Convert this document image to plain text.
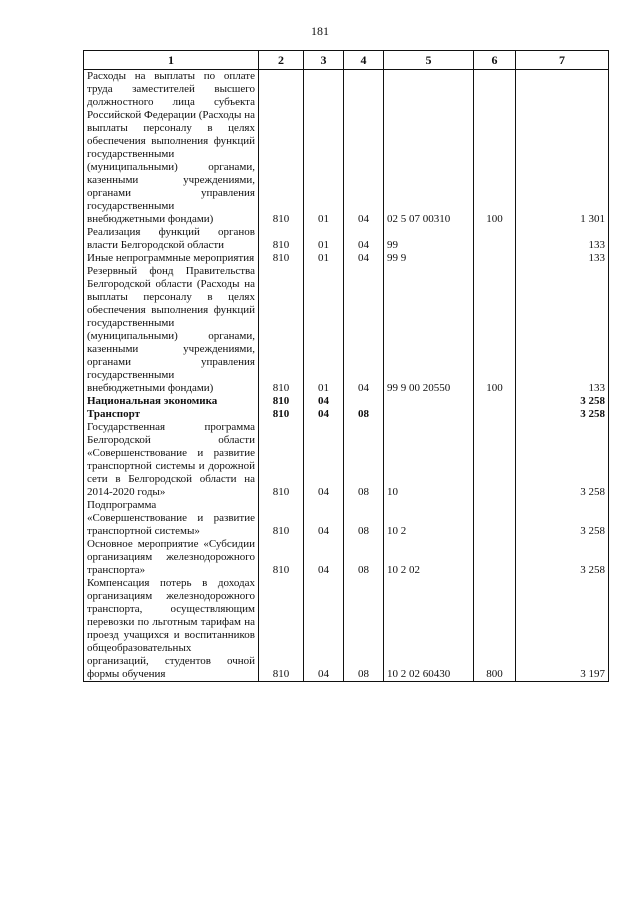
181
1	2	3	4	5	6	7
Расходы на выплаты по оплате труда заместителей высшего должностного лица субъекта Российской Федерации (Расходы на выплаты персоналу в целях обеспечения выполнения функций государственными (муниципальными) органами, казенными учреждениями, органами управления государственными внебюджетными фондами)	810	01	04	02 5 07 00310	100	1 301
Реализация функций органов власти Белгородской области	810	01	04	99		133
Иные непрограммные мероприятия	810	01	04	99 9		133
Резервный фонд Правительства Белгородской области (Расходы на выплаты персоналу в целях обеспечения выполнения функций государственными (муниципальными) органами, казенными учреждениями, органами управления государственными внебюджетными фондами)	810	01	04	99 9 00 20550	100	133
Национальная экономика	810	04				3 258
Транспорт	810	04	08			3 258
Государственная программа Белгородской области «Совершенствование и развитие транспортной системы и дорожной сети в Белгородской области на 2014-2020 годы»	810	04	08	10		3 258
Подпрограмма «Совершенствование и развитие транспортной системы»	810	04	08	10 2		3 258
Основное мероприятие «Субсидии организациям железнодорожного транспорта»	810	04	08	10 2 02		3 258
Компенсация потерь в доходах организациям железнодорожного транспорта, осуществляющим перевозки по льготным тарифам на проезд учащихся и воспитанников общеобразовательных организаций, студентов очной формы обучения	810	04	08	10 2 02 60430	800	3 197
